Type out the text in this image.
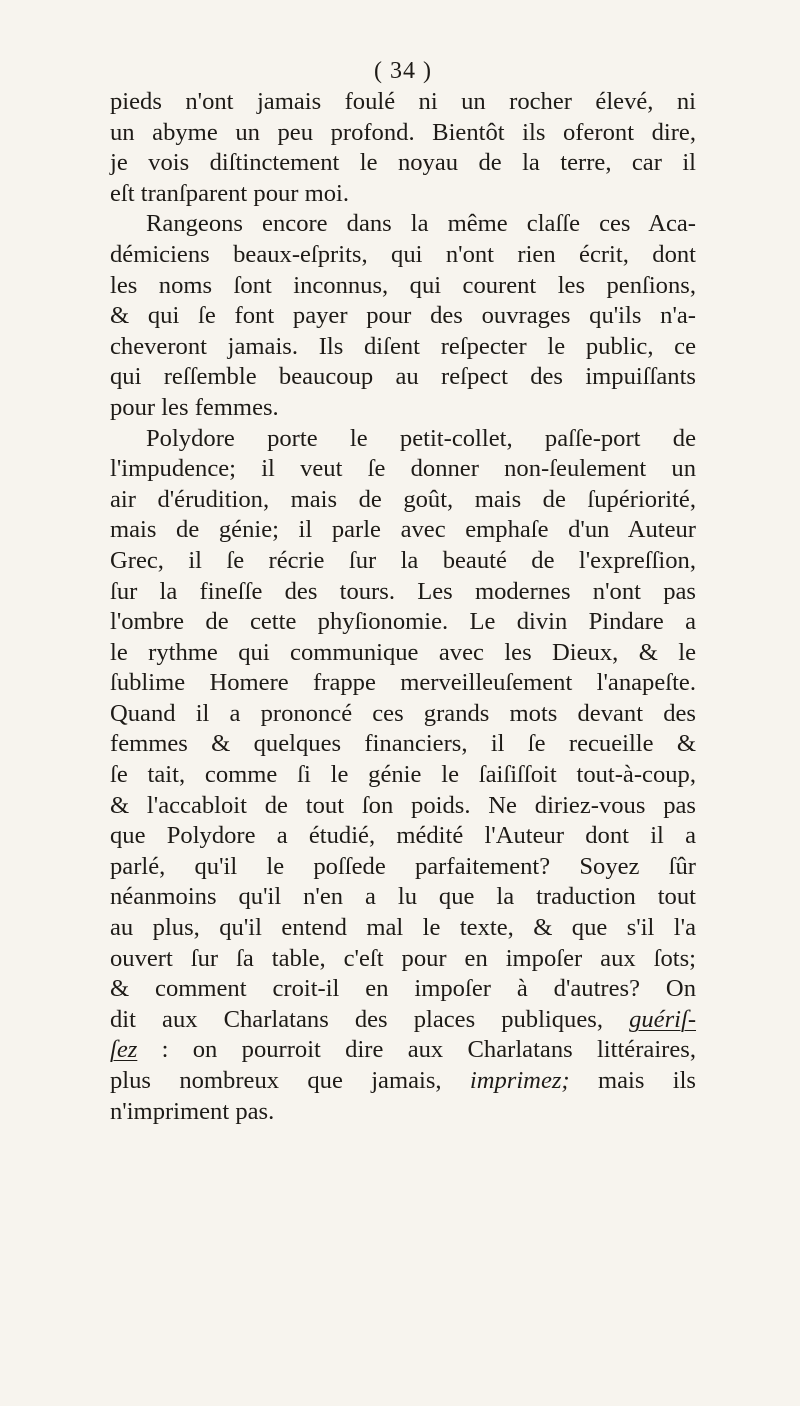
( 34 )
pieds n'ont jamais foulé ni un rocher élevé, ni
un abyme un peu profond. Bientôt ils oferont dire,
je vois diſtinctement le noyau de la terre, car il
eſt tranſparent pour moi.
Rangeons encore dans la même claſſe ces Aca-
démiciens beaux-eſprits, qui n'ont rien écrit, dont
les noms ſont inconnus, qui courent les penſions,
& qui ſe font payer pour des ouvrages qu'ils n'a-
cheveront jamais. Ils diſent reſpecter le public, ce
qui reſſemble beaucoup au reſpect des impuiſſants
pour les femmes.
Polydore porte le petit-collet, paſſe-port de
l'impudence; il veut ſe donner non-ſeulement un
air d'érudition, mais de goût, mais de ſupériorité,
mais de génie; il parle avec emphaſe d'un Auteur
Grec, il ſe récrie ſur la beauté de l'expreſſion,
ſur la fineſſe des tours. Les modernes n'ont pas
l'ombre de cette phyſionomie. Le divin Pindare a
le rythme qui communique avec les Dieux, & le
ſublime Homere frappe merveilleuſement l'anapeſte.
Quand il a prononcé ces grands mots devant des
femmes & quelques financiers, il ſe recueille &
ſe tait, comme ſi le génie le ſaiſiſſoit tout-à-coup,
& l'accabloit de tout ſon poids. Ne diriez-vous pas
que Polydore a étudié, médité l'Auteur dont il a
parlé, qu'il le poſſede parfaitement? Soyez ſûr
néanmoins qu'il n'en a lu que la traduction tout
au plus, qu'il entend mal le texte, & que s'il l'a
ouvert ſur ſa table, c'eſt pour en impoſer aux ſots;
& comment croit-il en impoſer à d'autres? On
dit aux Charlatans des places publiques, guériſ-
ſez : on pourroit dire aux Charlatans littéraires,
plus nombreux que jamais, imprimez; mais ils
n'impriment pas.
